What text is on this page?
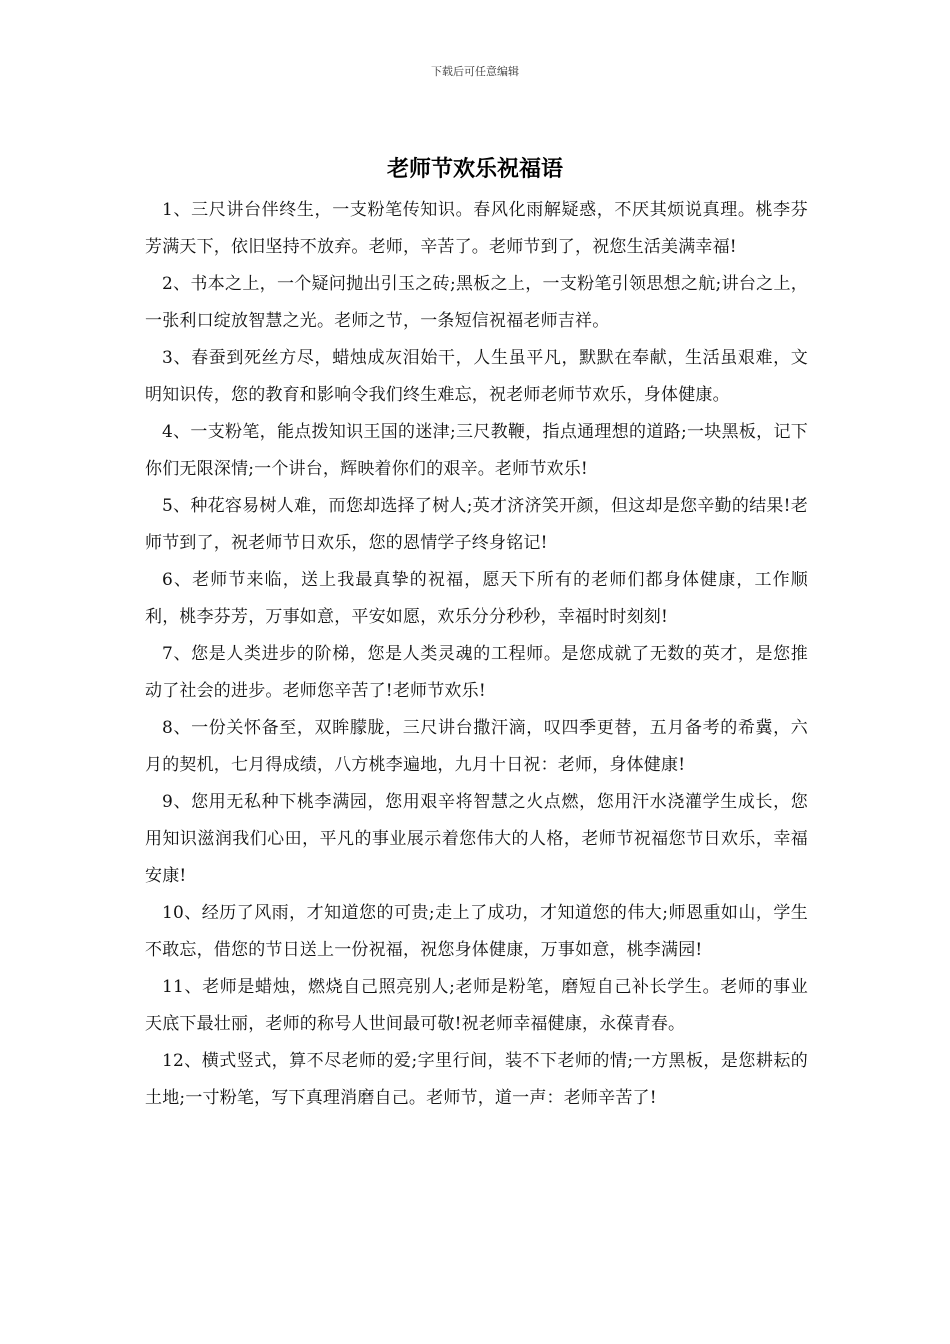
下载后可任意编辑
老师节欢乐祝福语

1、三尺讲台伴终生，一支粉笔传知识。春风化雨解疑惑，不厌其烦说真理。桃李芬芳满天下，依旧坚持不放弃。老师，辛苦了。老师节到了，祝您生活美满幸福!

2、书本之上，一个疑问抛出引玉之砖;黑板之上，一支粉笔引领思想之航;讲台之上，一张利口绽放智慧之光。老师之节，一条短信祝福老师吉祥。

3、春蚕到死丝方尽，蜡烛成灰泪始干，人生虽平凡，默默在奉献，生活虽艰难，文明知识传，您的教育和影响令我们终生难忘，祝老师老师节欢乐，身体健康。

4、一支粉笔，能点拨知识王国的迷津;三尺教鞭，指点通理想的道路;一块黑板，记下你们无限深情;一个讲台，辉映着你们的艰辛。老师节欢乐!

5、种花容易树人难，而您却选择了树人;英才济济笑开颜，但这却是您辛勤的结果!老师节到了，祝老师节日欢乐，您的恩情学子终身铭记!

6、老师节来临，送上我最真挚的祝福，愿天下所有的老师们都身体健康，工作顺利，桃李芬芳，万事如意，平安如愿，欢乐分分秒秒，幸福时时刻刻!

7、您是人类进步的阶梯，您是人类灵魂的工程师。是您成就了无数的英才，是您推动了社会的进步。老师您辛苦了!老师节欢乐!

8、一份关怀备至，双眸朦胧，三尺讲台撒汗滴，叹四季更替，五月备考的希冀，六月的契机，七月得成绩，八方桃李遍地，九月十日祝：老师，身体健康!

9、您用无私种下桃李满园，您用艰辛将智慧之火点燃，您用汗水浇灌学生成长，您用知识滋润我们心田，平凡的事业展示着您伟大的人格，老师节祝福您节日欢乐，幸福安康!

10、经历了风雨，才知道您的可贵;走上了成功，才知道您的伟大;师恩重如山，学生不敢忘，借您的节日送上一份祝福，祝您身体健康，万事如意，桃李满园!

11、老师是蜡烛，燃烧自己照亮别人;老师是粉笔，磨短自己补长学生。老师的事业天底下最壮丽，老师的称号人世间最可敬!祝老师幸福健康，永葆青春。

12、横式竖式，算不尽老师的爱;字里行间，装不下老师的情;一方黑板，是您耕耘的土地;一寸粉笔，写下真理消磨自己。老师节，道一声：老师辛苦了!
